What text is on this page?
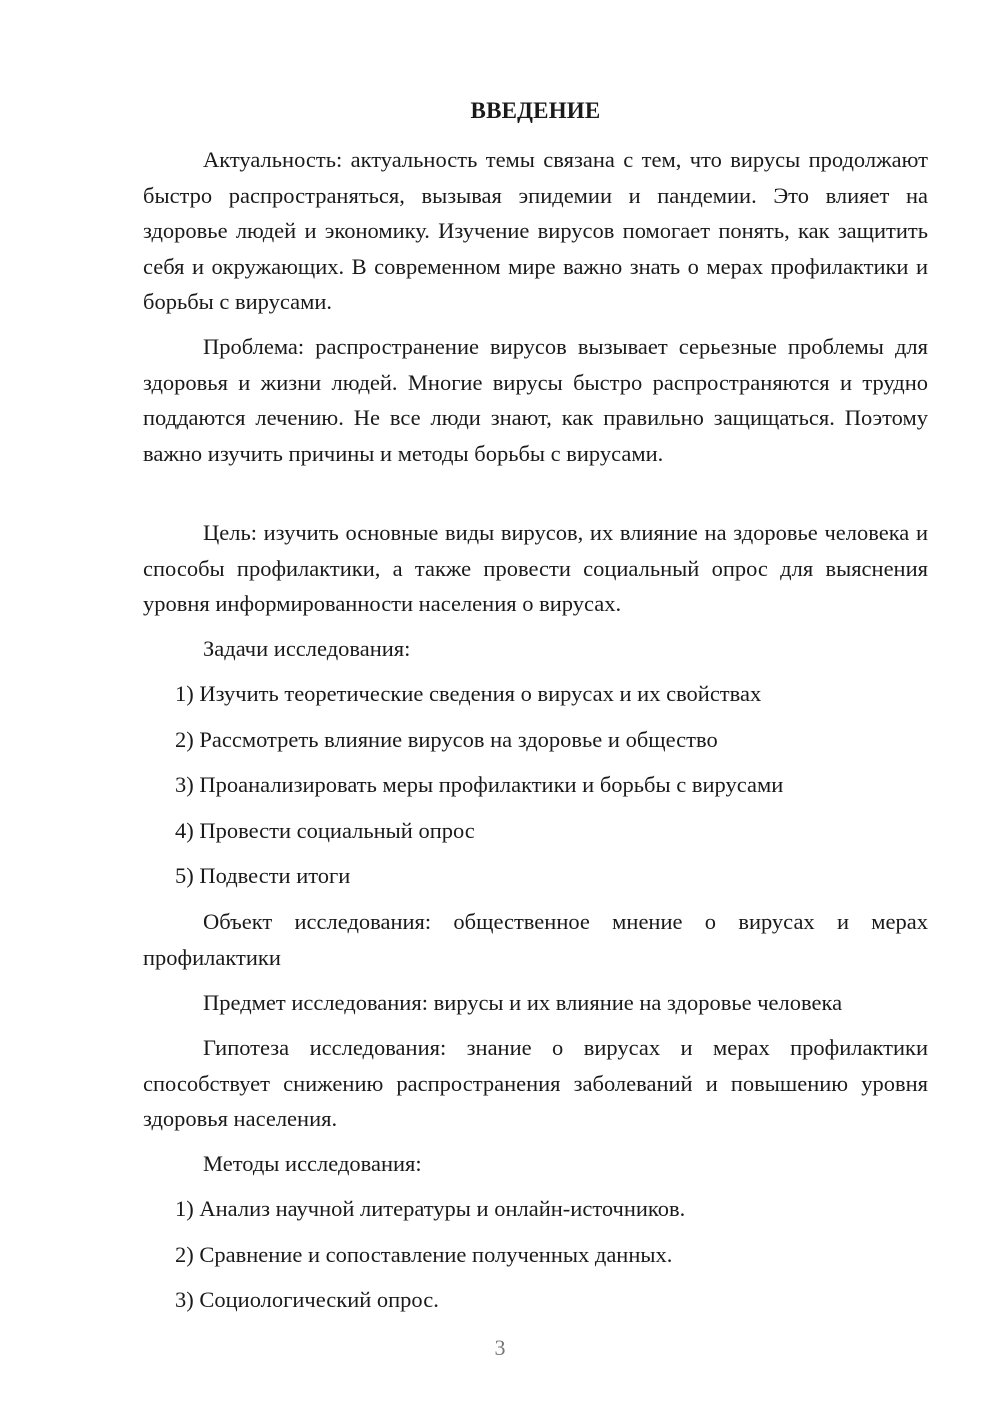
ВВЕДЕНИЕ

Актуальность: актуальность темы связана с тем, что вирусы продолжают быстро распространяться, вызывая эпидемии и пандемии. Это влияет на здоровье людей и экономику. Изучение вирусов помогает понять, как защитить себя и окружающих. В современном мире важно знать о мерах профилактики и борьбы с вирусами.

Проблема: распространение вирусов вызывает серьезные проблемы для здоровья и жизни людей. Многие вирусы быстро распространяются и трудно поддаются лечению. Не все люди знают, как правильно защищаться. Поэтому важно изучить причины и методы борьбы с вирусами.

Цель: изучить основные виды вирусов, их влияние на здоровье человека и способы профилактики, а также провести социальный опрос для выяснения уровня информированности населения о вирусах.

Задачи исследования:

1) Изучить теоретические сведения о вирусах и их свойствах

2) Рассмотреть влияние вирусов на здоровье и общество

3) Проанализировать меры профилактики и борьбы с вирусами

4) Провести социальный опрос

5) Подвести итоги

Объект исследования: общественное мнение о вирусах и мерах профилактики

Предмет исследования: вирусы и их влияние на здоровье человека

Гипотеза исследования: знание о вирусах и мерах профилактики способствует снижению распространения заболеваний и повышению уровня здоровья населения.

Методы исследования:

1) Анализ научной литературы и онлайн-источников.

2) Сравнение и сопоставление полученных данных.

3) Социологический опрос.

3
